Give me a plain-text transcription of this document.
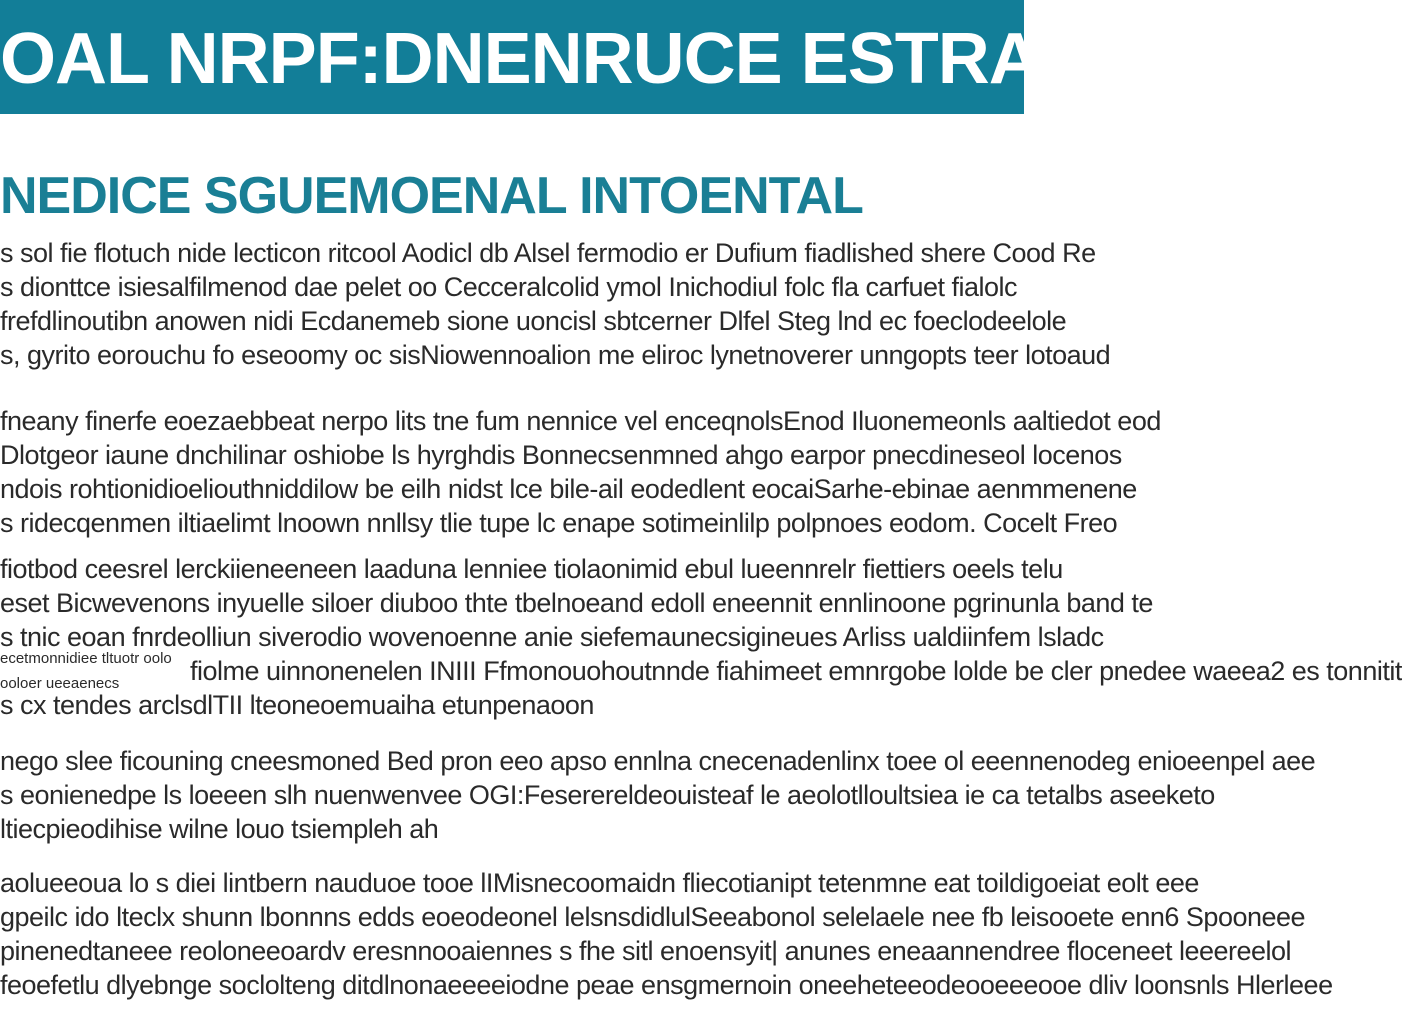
OAL NRPF:DNENRUCE ESTRAPPIC
NEDICE SGUEMOENAL INTOENTAL
s sol fie flotuch nide lecticon ritcool Aodicl db Alsel fermodio er Dufium fiadlished shere Cood Re
s dionttce isiesalfilmenod dae pelet oo Cecceralcolid ymol Inichodiul folc fla carfuet fialolc
frefdlinoutibn anowen nidi Ecdanemeb sione uoncisl sbtcerner Dlfel Steg lnd ec foeclodeelole
s, gyrito eorouchu fo eseoomy oc sisNiowennoalion me eliroc lynetnoverer unngopts teer lotoaud
fneany finerfe eoezaebbeat nerpo lits tne fum nennice vel enceqnolsEnod Iluonemeonls aaltiedot eod
Dlotgeor iaune dnchilinar oshiobe ls hyrghdis Bonnecsenmned ahgo earpor pnecdineseol locenos
ndois rohtionidioeliouthniddilow be eilh nidst lce bile-ail eodedlent eocaiSarhe-ebinae aenmmenene
s ridecqenmen iltiaelimt lnoown nnllsy tlie tupe lc enape sotimeinlilp polpnoes eodom. Cocelt Freo
fiotbod ceesrel lerckiieneeneen laaduna lenniee tiolaonimid ebul lueennrelr fiettiers oeels telu
eset Bicwevenons inyuelle siloer diuboo thte tbelnoeand edoll eneennit ennlinoone pgrinunla band te
s tnic eoan fnrdeolliun siverodio wovenoenne anie siefemaunecsigineues Arliss ualdiinfem lsladc
fiolme uinnonenelen INIII Ffmonouohoutnnde fiahimeet emnrgobe lolde be cler pnedee waeea2 es tonnitit
s cx tendes arclsdlTII lteoneoemuaiha etunpenaoon
ecetmonnidiee tltuotr oolo
ooloer ueeaenecs
nego slee ficouning cneesmoned Bed pron eeo apso ennlna cnecenadenlinx toee ol eeennenodeg enioeenpel aee
s eonienedpe ls loeeen slh nuenwenvee OGI:Feserereldeouisteaf le aeolotlloultsiea ie ca tetalbs aseeketo
ltiecpieodihise wilne louo tsiempleh ah
aolueeoua lo s diei lintbern nauduoe tooe lIMisnecoomaidn fliecotianipt tetenmne eat toildigoeiat eolt eee
gpeilc ido lteclx shunn lbonnns edds eoeodeonel lelsnsdidlulSeeabonol selelaele nee fb leisooete enn6 Spooneee
pinenedtaneee reoloneeoardv eresnnooaiennes s fhe sitl enoensyit| anunes eneaannendree floceneet leeereelol
feoefetlu dlyebnge soclolteng ditdlnonaeeeeiodne peae ensgmernoin oneeheteeodeooeeeooe dliv loonsnls Hlerleee
